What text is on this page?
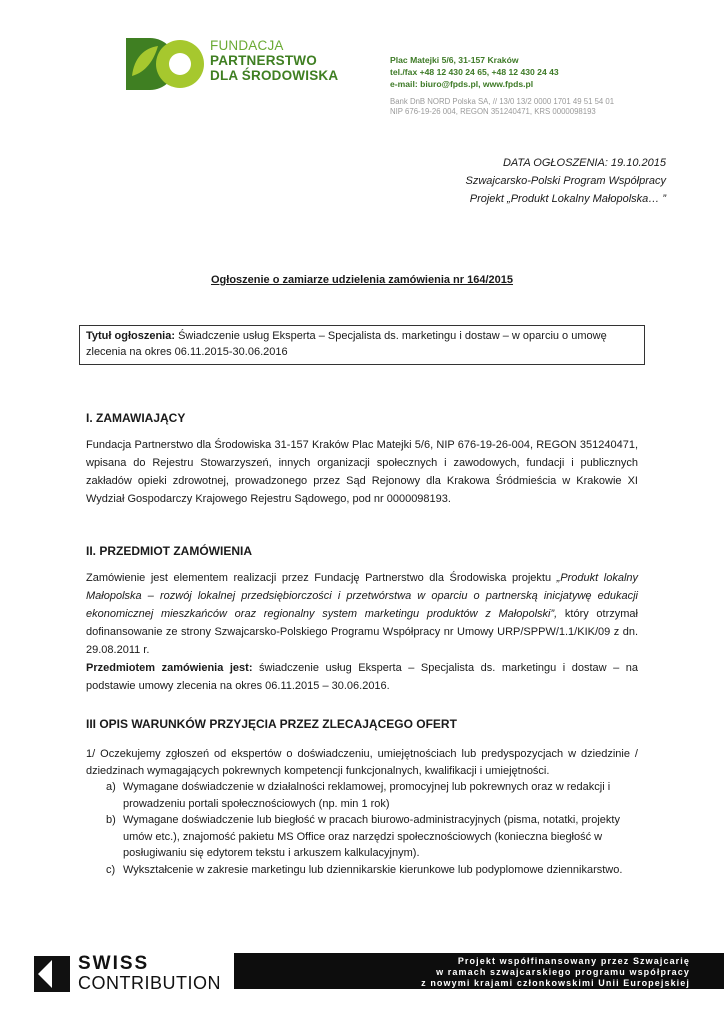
FUNDACJA
PARTNERSTWO
DLA ŚRODOWISKA
Plac Matejki 5/6, 31-157 Kraków
tel./fax +48 12 430 24 65, +48 12 430 24 43
e-mail: biuro@fpds.pl, www.fpds.pl
Bank DnB NORD Polska SA, // 13/0 13/2 0000 1701 49 51 54 01
NIP 676-19-26 004, REGON 351240471, KRS 0000098193
DATA OGŁOSZENIA: 19.10.2015
Szwajcarsko-Polski Program Współpracy
Projekt „Produkt Lokalny Małopolska… ”
Ogłoszenie o zamiarze udzielenia zamówienia nr 164/2015
Tytuł ogłoszenia: Świadczenie usług Eksperta – Specjalista ds. marketingu i dostaw – w oparciu o umowę
zlecenia na okres 06.11.2015-30.06.2016
I. ZAMAWIAJĄCY
Fundacja Partnerstwo dla Środowiska 31-157 Kraków Plac Matejki 5/6, NIP 676-19-26-004, REGON 351240471,
wpisana do Rejestru Stowarzyszeń, innych organizacji społecznych i zawodowych, fundacji i publicznych
zakładów opieki zdrowotnej, prowadzonego przez Sąd Rejonowy dla Krakowa Śródmieścia w Krakowie XI
Wydział Gospodarczy Krajowego Rejestru Sądowego, pod nr 0000098193.
II. PRZEDMIOT ZAMÓWIENIA
Zamówienie jest elementem realizacji przez Fundację Partnerstwo dla Środowiska projektu „Produkt lokalny Małopolska – rozwój lokalnej przedsiębiorczości i przetwórstwa w oparciu o partnerską inicjatywę edukacji ekonomicznej mieszkańców oraz regionalny system marketingu produktów z Małopolski”, który otrzymał dofinansowanie ze strony Szwajcarsko-Polskiego Programu Współpracy nr Umowy URP/SPPW/1.1/KIK/09 z dn. 29.08.2011 r.
Przedmiotem zamówienia jest: świadczenie usług Eksperta – Specjalista ds. marketingu i dostaw – na podstawie umowy zlecenia na okres 06.11.2015 – 30.06.2016.
III OPIS WARUNKÓW PRZYJĘCIA PRZEZ ZLECAJĄCEGO OFERT
1/ Oczekujemy zgłoszeń od ekspertów o doświadczeniu, umiejętnościach lub predyspozycjach w dziedzinie / dziedzinach wymagających pokrewnych kompetencji funkcjonalnych, kwalifikacji i umiejętności.
a) Wymagane doświadczenie w działalności reklamowej, promocyjnej lub pokrewnych oraz w redakcji i prowadzeniu portali społecznościowych (np. min 1 rok)
b) Wymagane doświadczenie lub biegłość w pracach biurowo-administracyjnych (pisma, notatki, projekty umów etc.), znajomość pakietu MS Office oraz narzędzi społecznościowych (konieczna biegłość w posługiwaniu się edytorem tekstu i arkuszem kalkulacyjnym).
c) Wykształcenie w zakresie marketingu lub dziennikarskie kierunkowe lub podyplomowe dziennikarstwo.
SWISS
CONTRIBUTION
Projekt współfinansowany przez Szwajcarię
w ramach szwajcarskiego programu współpracy
z nowymi krajami członkowskimi Unii Europejskiej
